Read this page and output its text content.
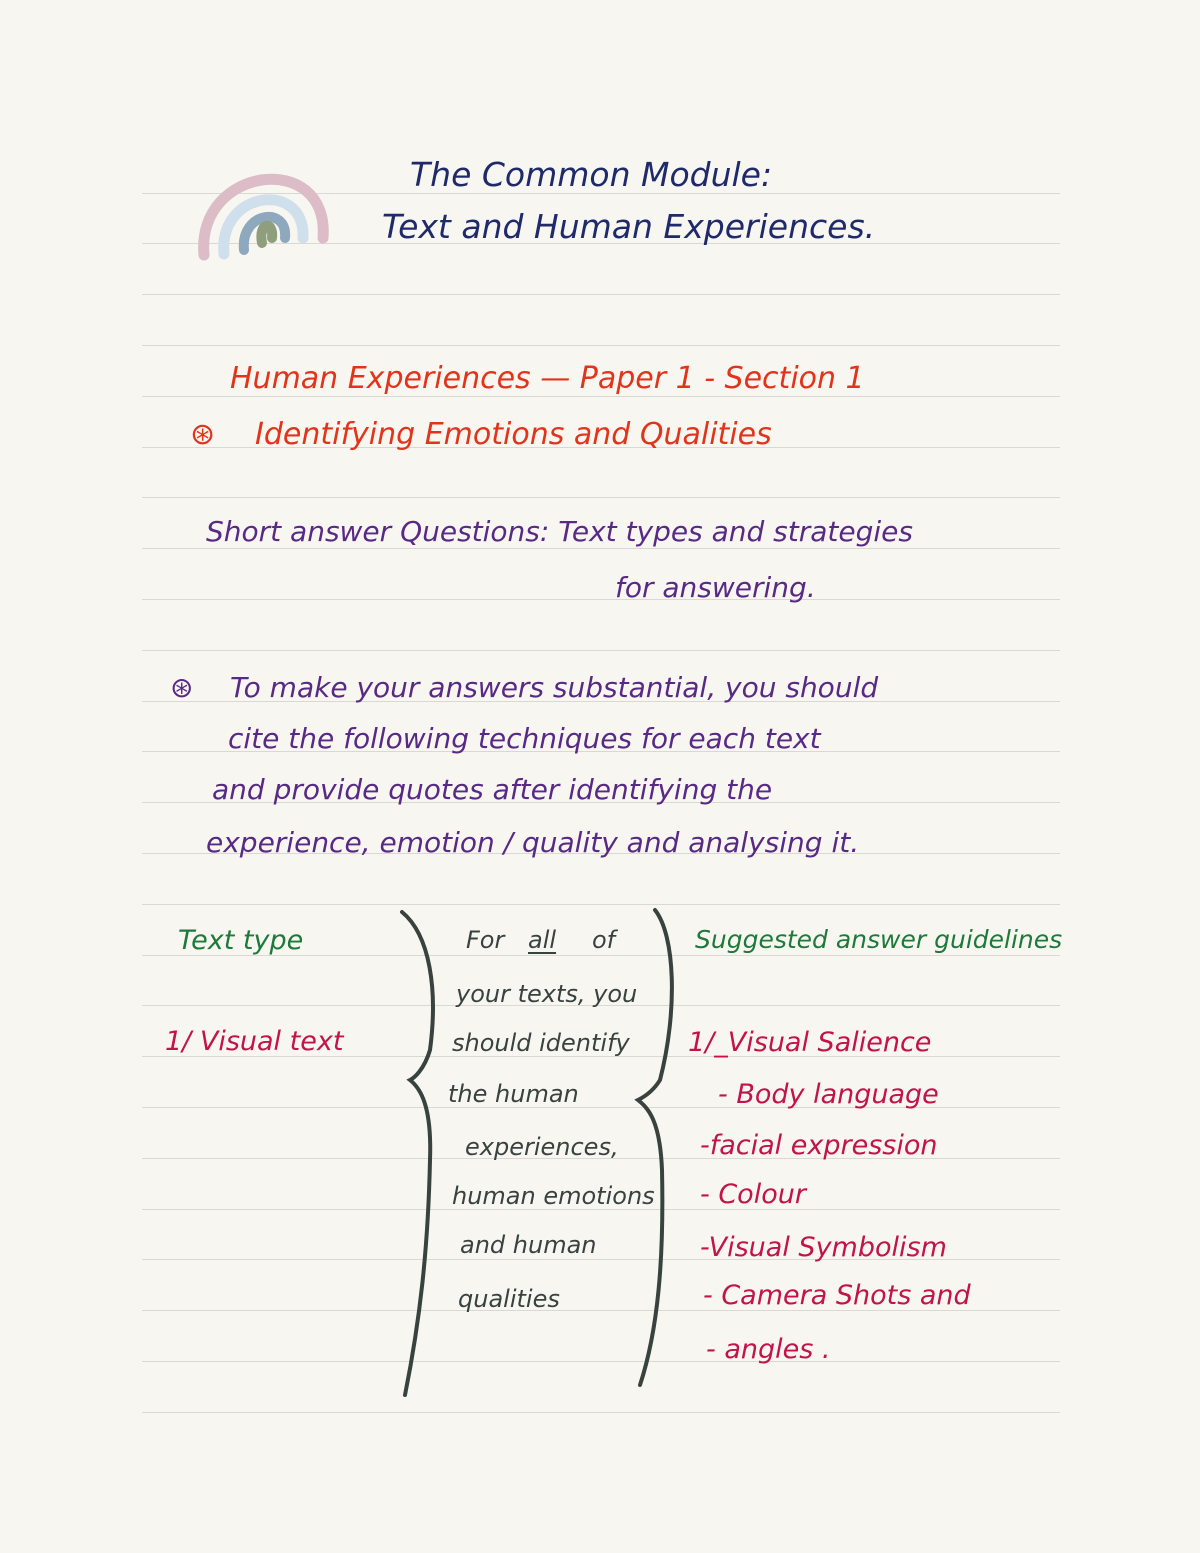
The Common Module:
Text and Human Experiences.
Human Experiences — Paper 1 - Section 1
⊛ Identifying Emotions and Qualities
Short answer Questions: Text types and strategies
for answering.
⊛ To make your answers substantial, you should
cite the following techniques for each text
and provide quotes after identifying the
experience, emotion / quality and analysing it.
Text type	Suggested answer guidelines
1/ Visual text
For all of
your texts, you
should identify
the human
experiences,
human emotions
and human
qualities
1/_Visual Salience
- Body language
-facial expression
- Colour
-Visual Symbolism
- Camera Shots and
- angles .
